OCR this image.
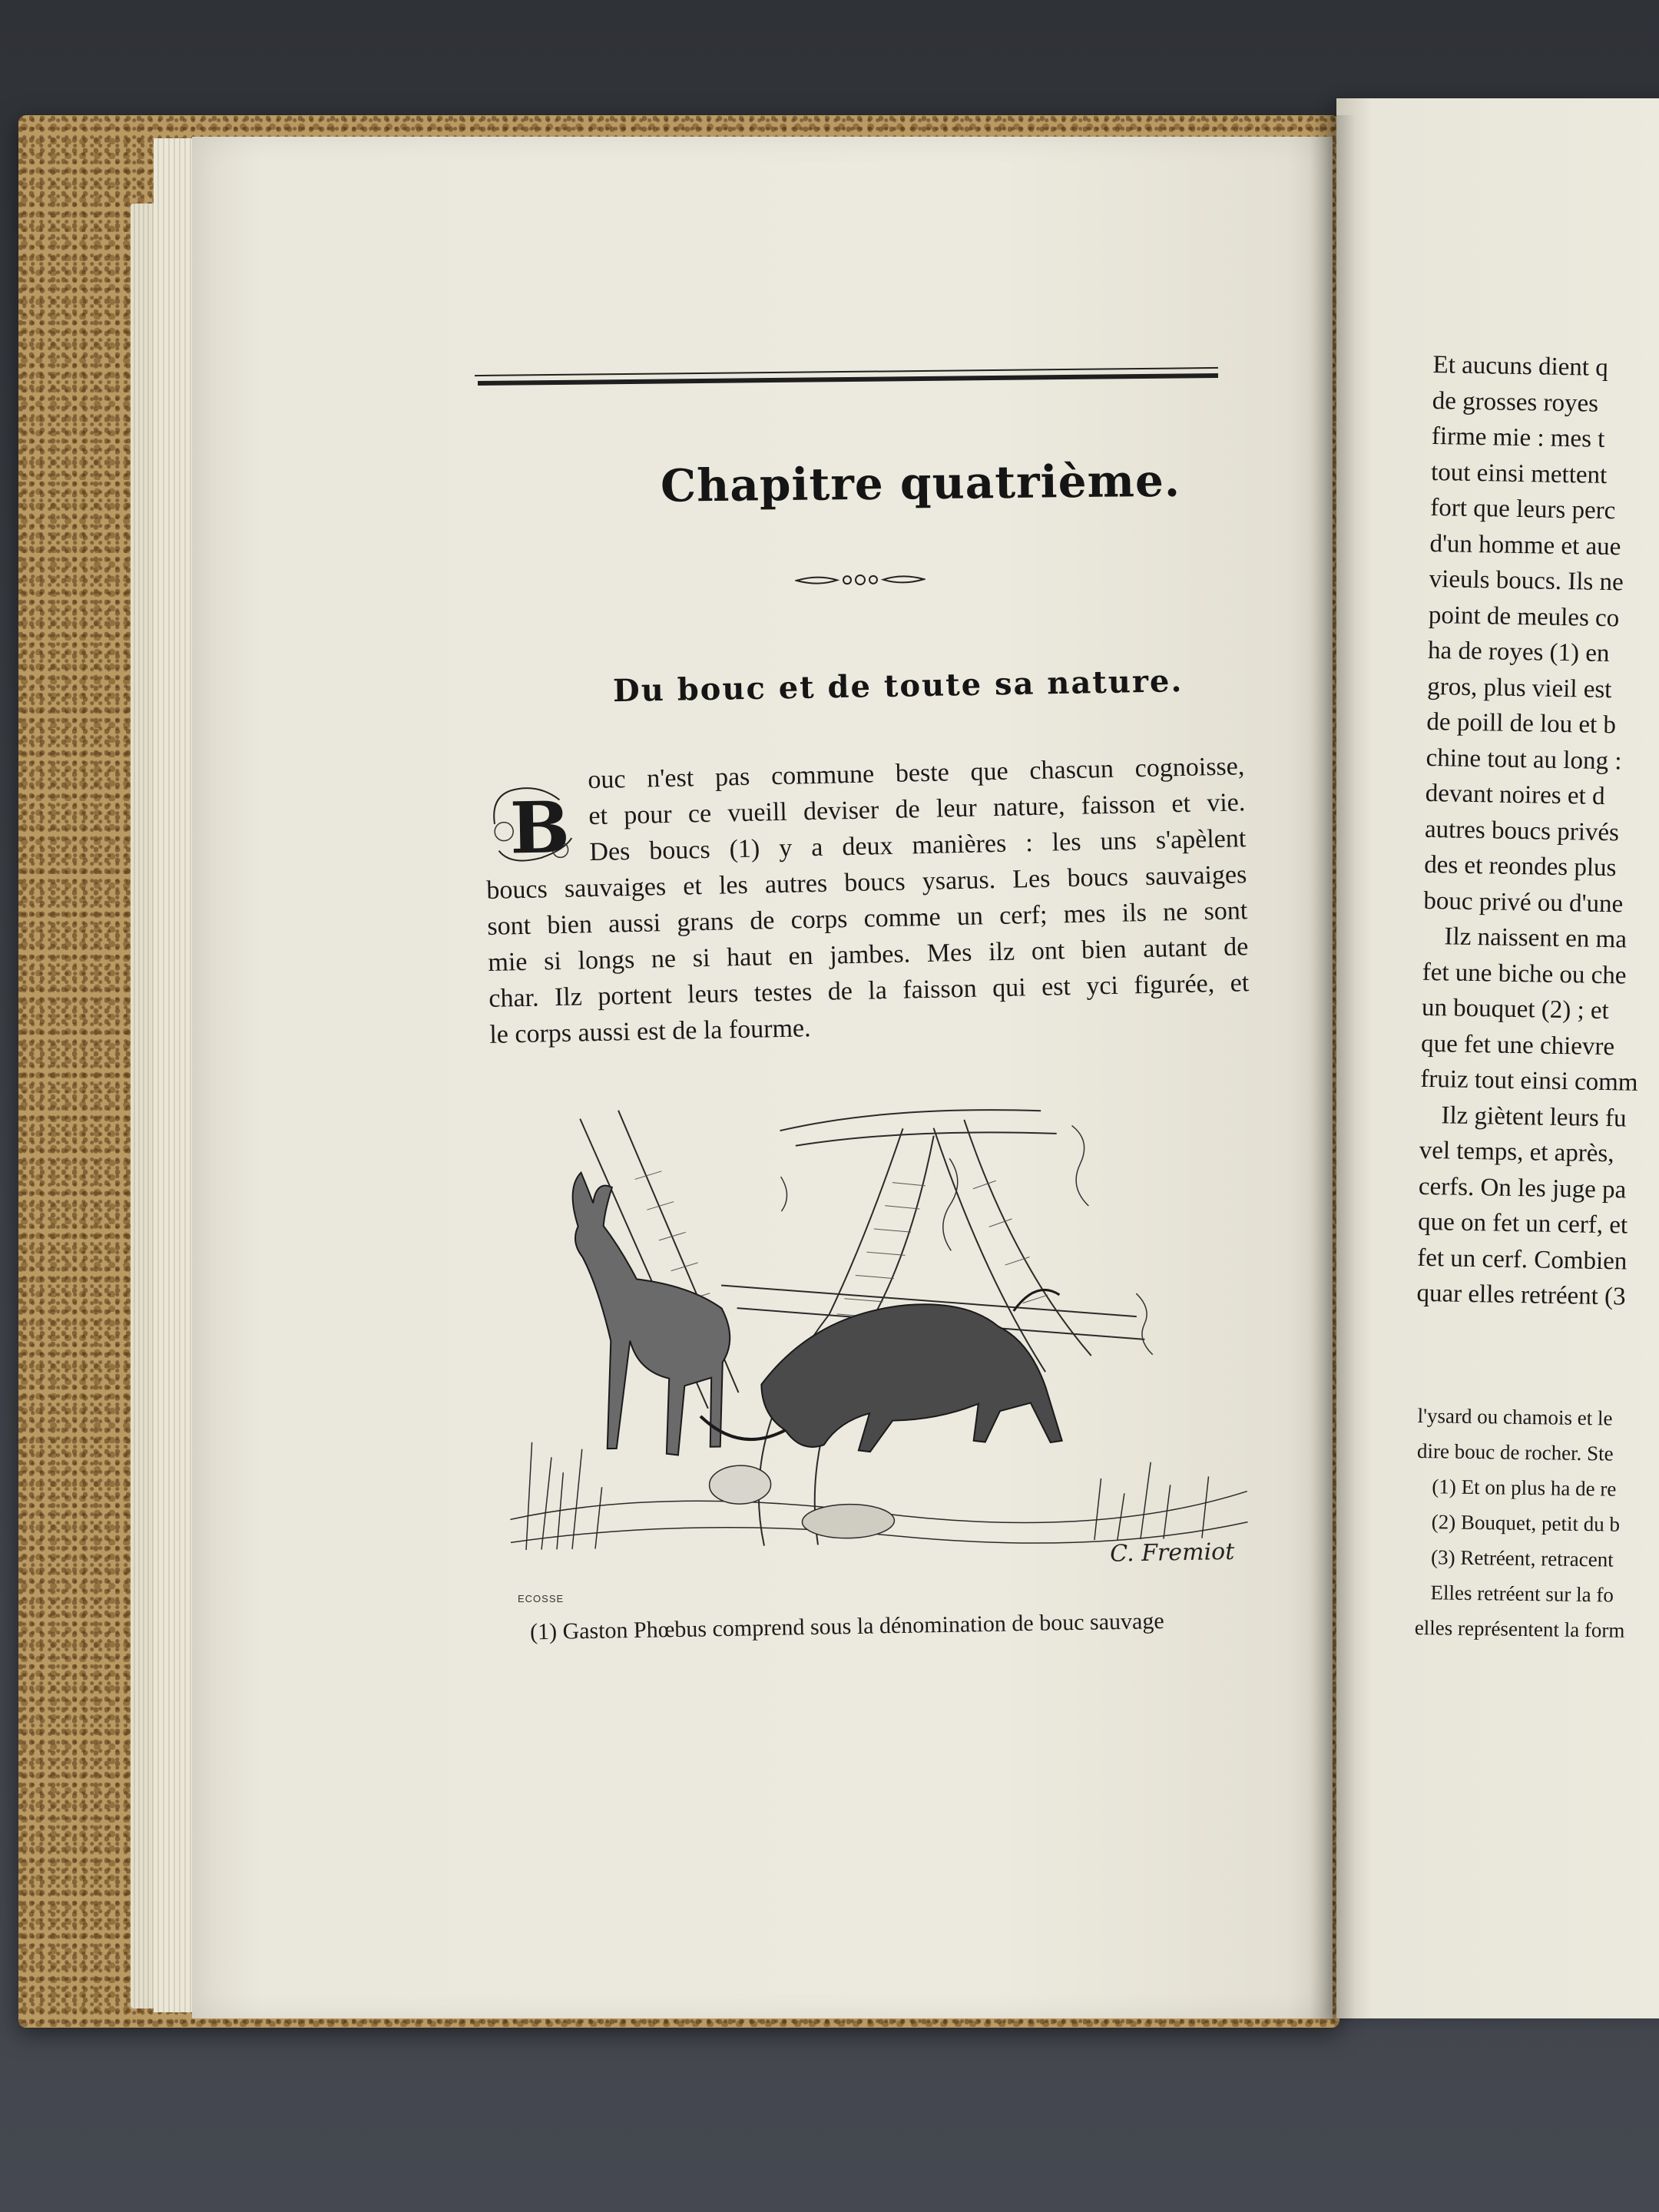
Chapitre quatrième.
Du bouc et de toute sa nature.
B
ouc n'est pas commune beste que chascun cognoisse,
et pour ce vueill deviser de leur nature, faisson et vie.
Des boucs (1) y a deux manières : les uns s'apèlent
boucs sauvaiges et les autres boucs ysarus. Les boucs sauvaiges
sont bien aussi grans de corps comme un cerf; mes ils ne sont
mie si longs ne si haut en jambes. Mes ilz ont bien autant de
char. Ilz portent leurs testes de la faisson qui est yci figurée, et
le corps aussi est de la fourme.
C. Fremiot
ECOSSE
(1) Gaston Phœbus comprend sous la dénomination de bouc sauvage
Et aucuns dient q
de grosses royes
firme mie : mes t
tout einsi mettent
fort que leurs perc
d'un homme et aue
vieuls boucs. Ils ne
point de meules co
ha de royes (1) en
gros, plus vieil est
de poill de lou et b
chine tout au long :
devant noires et d
autres boucs privés
des et reondes plus
bouc privé ou d'une
Ilz naissent en ma
fet une biche ou che
un bouquet (2) ; et
que fet une chievre
fruiz tout einsi comm
Ilz giètent leurs fu
vel temps, et après,
cerfs. On les juge pa
que on fet un cerf, et
fet un cerf. Combien
quar elles retréent (3
l'ysard ou chamois et le
dire bouc de rocher. Ste
(1) Et on plus ha de re
(2) Bouquet, petit du b
(3) Retréent, retracent
Elles retréent sur la fo
elles représentent la form
